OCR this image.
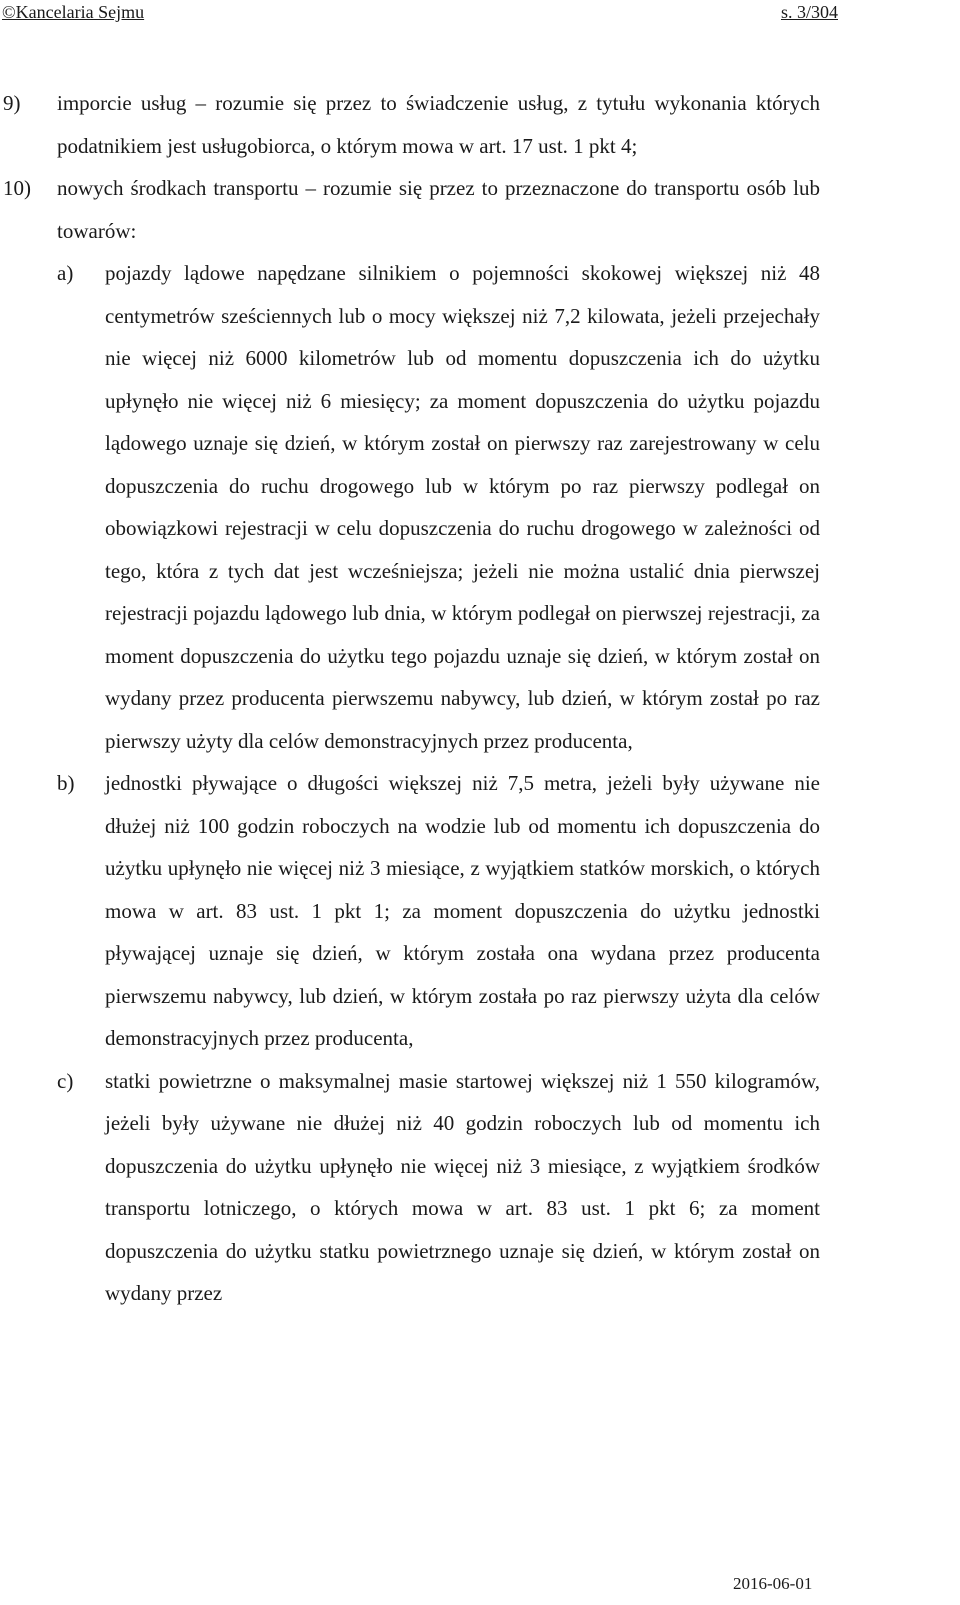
©Kancelaria Sejmu	s. 3/304
9)	imporcie usług – rozumie się przez to świadczenie usług, z tytułu wykonania których podatnikiem jest usługobiorca, o którym mowa w art. 17 ust. 1 pkt 4;
10)	nowych środkach transportu – rozumie się przez to przeznaczone do transportu osób lub towarów:
a) pojazdy lądowe napędzane silnikiem o pojemności skokowej większej niż 48 centymetrów sześciennych lub o mocy większej niż 7,2 kilowata, jeżeli przejechały nie więcej niż 6000 kilometrów lub od momentu dopuszczenia ich do użytku upłynęło nie więcej niż 6 miesięcy; za moment dopuszczenia do użytku pojazdu lądowego uznaje się dzień, w którym został on pierwszy raz zarejestrowany w celu dopuszczenia do ruchu drogowego lub w którym po raz pierwszy podlegał on obowiązkowi rejestracji w celu dopuszczenia do ruchu drogowego w zależności od tego, która z tych dat jest wcześniejsza; jeżeli nie można ustalić dnia pierwszej rejestracji pojazdu lądowego lub dnia, w którym podlegał on pierwszej rejestracji, za moment dopuszczenia do użytku tego pojazdu uznaje się dzień, w którym został on wydany przez producenta pierwszemu nabywcy, lub dzień, w którym został po raz pierwszy użyty dla celów demonstracyjnych przez producenta,
b) jednostki pływające o długości większej niż 7,5 metra, jeżeli były używane nie dłużej niż 100 godzin roboczych na wodzie lub od momentu ich dopuszczenia do użytku upłynęło nie więcej niż 3 miesiące, z wyjątkiem statków morskich, o których mowa w art. 83 ust. 1 pkt 1; za moment dopuszczenia do użytku jednostki pływającej uznaje się dzień, w którym została ona wydana przez producenta pierwszemu nabywcy, lub dzień, w którym została po raz pierwszy użyta dla celów demonstracyjnych przez producenta,
c) statki powietrzne o maksymalnej masie startowej większej niż 1 550 kilogramów, jeżeli były używane nie dłużej niż 40 godzin roboczych lub od momentu ich dopuszczenia do użytku upłynęło nie więcej niż 3 miesiące, z wyjątkiem środków transportu lotniczego, o których mowa w art. 83 ust. 1 pkt 6; za moment dopuszczenia do użytku statku powietrznego uznaje się dzień, w którym został on wydany przez
2016-06-01
